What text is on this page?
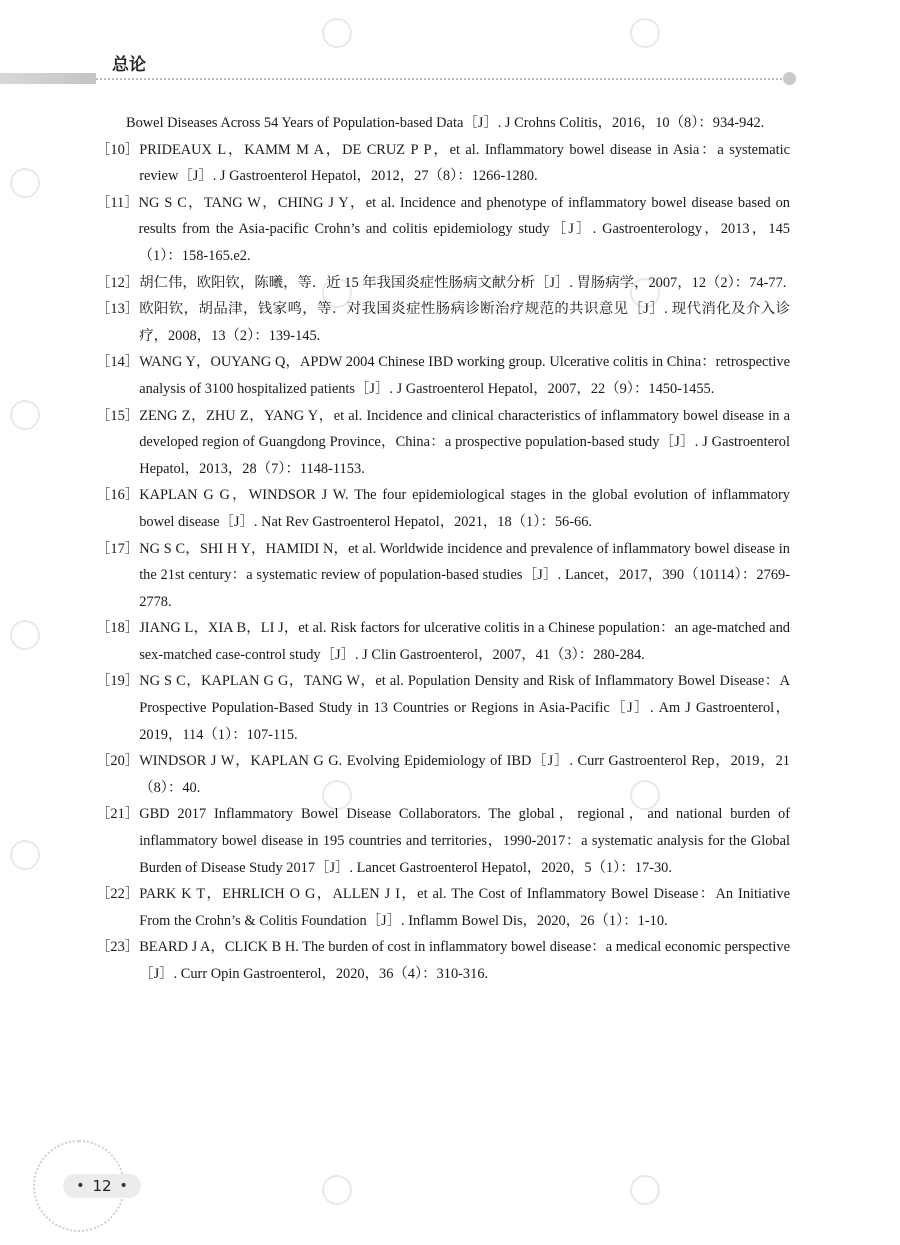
总论
Bowel Diseases Across 54 Years of Population-based Data［J］. J Crohns Colitis，2016，10（8）：934-942.
［10］ PRIDEAUX L，KAMM M A，DE CRUZ P P，et al. Inflammatory bowel disease in Asia：a systematic review［J］. J Gastroenterol Hepatol，2012，27（8）：1266-1280.
［11］ NG S C，TANG W，CHING J Y，et al. Incidence and phenotype of inflammatory bowel disease based on results from the Asia-pacific Crohn’s and colitis epidemiology study［J］. Gastroenterology，2013，145（1）：158-165.e2.
［12］ 胡仁伟，欧阳钦，陈曦，等．近 15 年我国炎症性肠病文献分析［J］. 胃肠病学，2007，12（2）：74-77.
［13］ 欧阳钦，胡品津，钱家鸣，等．对我国炎症性肠病诊断治疗规范的共识意见［J］. 现代消化及介入诊疗，2008，13（2）：139-145.
［14］ WANG Y，OUYANG Q，APDW 2004 Chinese IBD working group. Ulcerative colitis in China：retrospective analysis of 3100 hospitalized patients［J］. J Gastroenterol Hepatol，2007，22（9）：1450-1455.
［15］ ZENG Z，ZHU Z，YANG Y，et al. Incidence and clinical characteristics of inflammatory bowel disease in a developed region of Guangdong Province，China：a prospective population-based study［J］. J Gastroenterol Hepatol，2013，28（7）：1148-1153.
［16］ KAPLAN G G，WINDSOR J W. The four epidemiological stages in the global evolution of inflammatory bowel disease［J］. Nat Rev Gastroenterol Hepatol，2021，18（1）：56-66.
［17］ NG S C，SHI H Y，HAMIDI N，et al. Worldwide incidence and prevalence of inflammatory bowel disease in the 21st century：a systematic review of population-based studies［J］. Lancet，2017，390（10114）：2769-2778.
［18］ JIANG L，XIA B，LI J，et al. Risk factors for ulcerative colitis in a Chinese population：an age-matched and sex-matched case-control study［J］. J Clin Gastroenterol，2007，41（3）：280-284.
［19］ NG S C，KAPLAN G G，TANG W，et al. Population Density and Risk of Inflammatory Bowel Disease：A Prospective Population-Based Study in 13 Countries or Regions in Asia-Pacific［J］. Am J Gastroenterol，2019，114（1）：107-115.
［20］ WINDSOR J W，KAPLAN G G. Evolving Epidemiology of IBD［J］. Curr Gastroenterol Rep，2019，21（8）：40.
［21］ GBD 2017 Inflammatory Bowel Disease Collaborators. The global，regional，and national burden of inflammatory bowel disease in 195 countries and territories，1990-2017：a systematic analysis for the Global Burden of Disease Study 2017［J］. Lancet Gastroenterol Hepatol，2020，5（1）：17-30.
［22］ PARK K T，EHRLICH O G，ALLEN J I，et al. The Cost of Inflammatory Bowel Disease：An Initiative From the Crohn’s & Colitis Foundation［J］. Inflamm Bowel Dis，2020，26（1）：1-10.
［23］ BEARD J A，CLICK B H. The burden of cost in inflammatory bowel disease：a medical economic perspective［J］. Curr Opin Gastroenterol，2020，36（4）：310-316.
• 12 •
